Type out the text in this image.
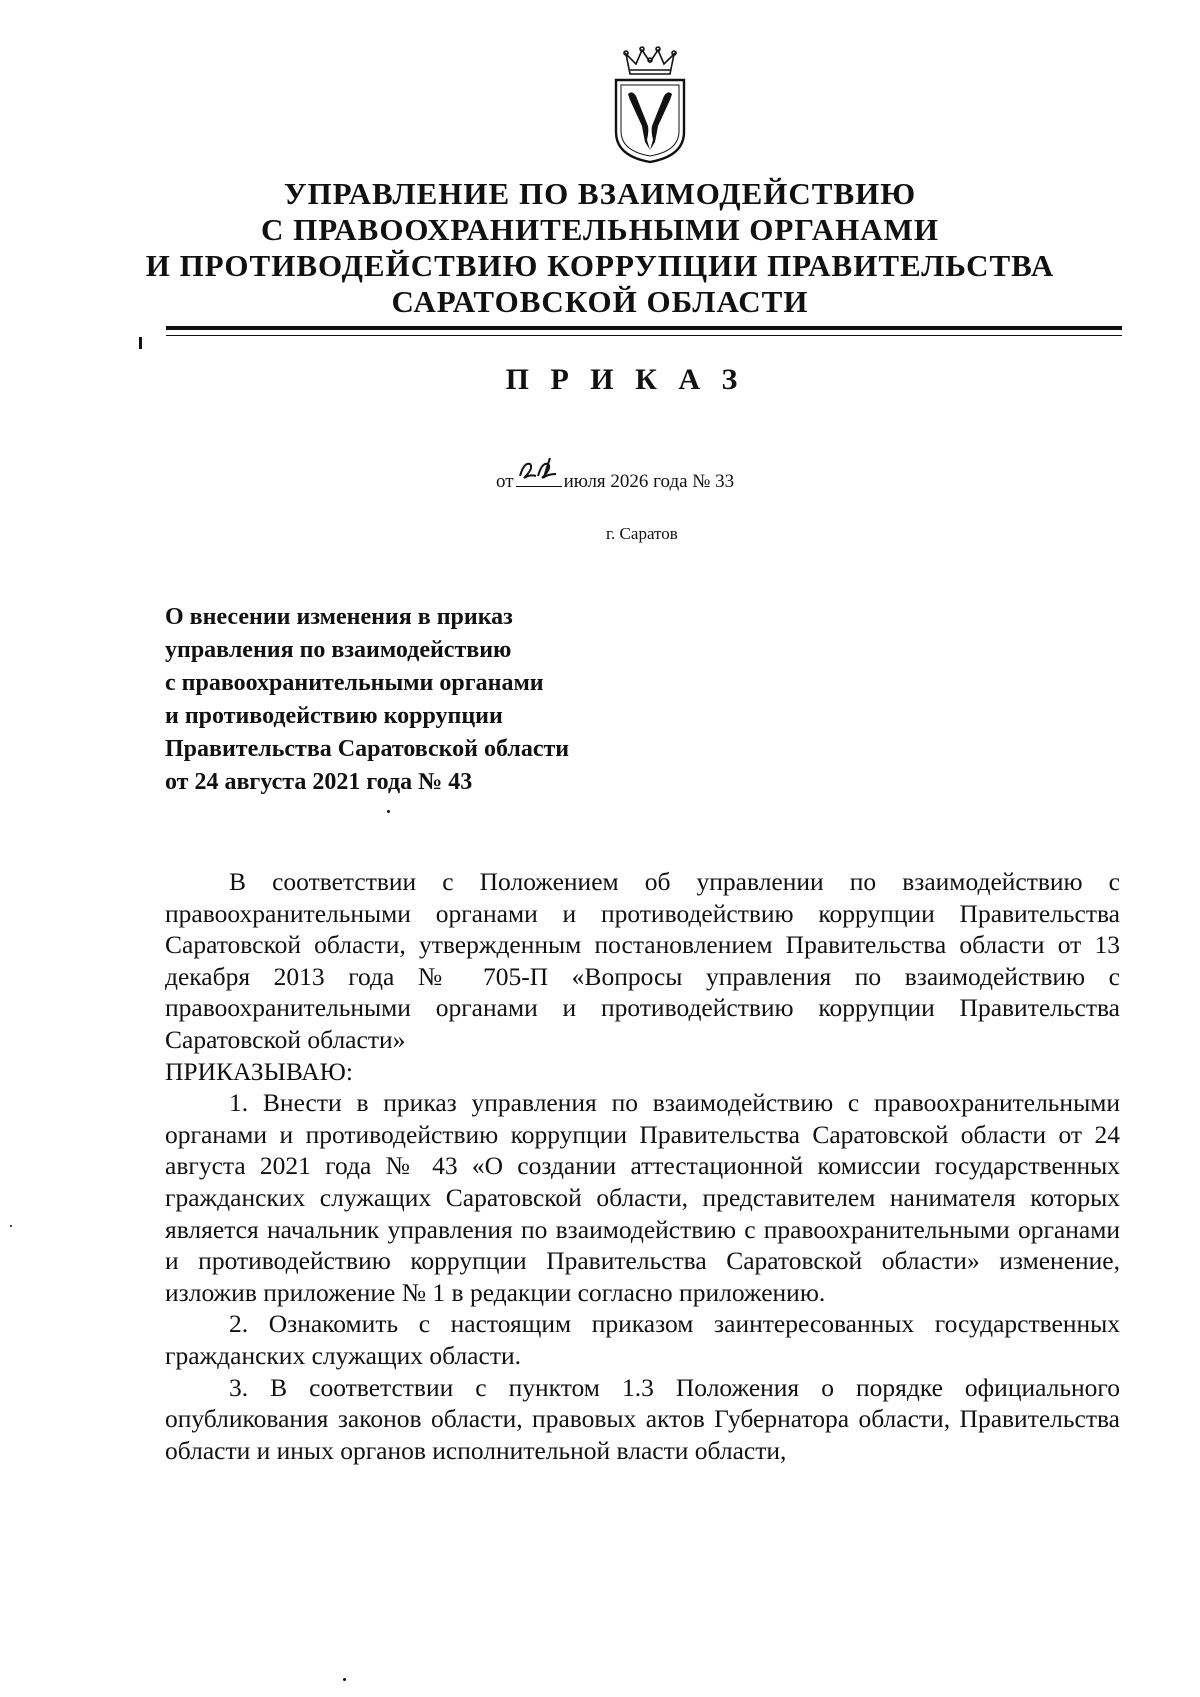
УПРАВЛЕНИЕ ПО ВЗАИМОДЕЙСТВИЮ
С ПРАВООХРАНИТЕЛЬНЫМИ ОРГАНАМИ
И ПРОТИВОДЕЙСТВИЮ КОРРУПЦИИ ПРАВИТЕЛЬСТВА
САРАТОВСКОЙ ОБЛАСТИ
П Р И К А З
от	июля 2026 года № 33
г. Саратов
О внесении изменения в приказ
управления по взаимодействию
с правоохранительными органами
и противодействию коррупции
Правительства Саратовской области
от 24 августа 2021 года № 43

В соответствии с Положением об управлении по взаимодействию с правоохранительными органами и противодействию коррупции Правительства Саратовской области, утвержденным постановлением Правительства области от 13 декабря 2013 года № 705-П «Вопросы управления по взаимодействию с правоохранительными органами и противодействию коррупции Правительства Саратовской области»

ПРИКАЗЫВАЮ:

1. Внести в приказ управления по взаимодействию с правоохранительными органами и противодействию коррупции Правительства Саратовской области от 24 августа 2021 года № 43 «О создании аттестационной комиссии государственных гражданских служащих Саратовской области, представителем нанимателя которых является начальник управления по взаимодействию с правоохранительными органами и противодействию коррупции Правительства Саратовской области» изменение, изложив приложение № 1 в редакции согласно приложению.

2. Ознакомить с настоящим приказом заинтересованных государственных гражданских служащих области.

3. В соответствии с пунктом 1.3 Положения о порядке официального опубликования законов области, правовых актов Губернатора области, Правительства области и иных органов исполнительной власти области,
